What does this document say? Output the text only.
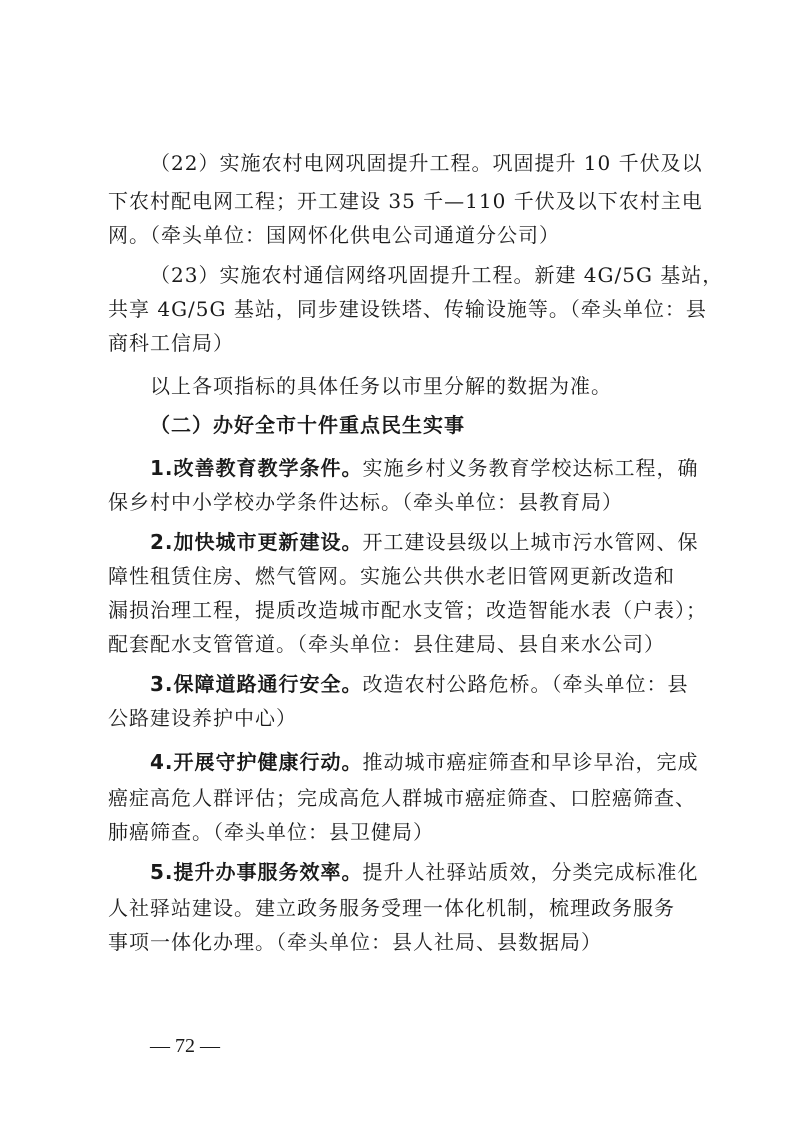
（22）实施农村电网巩固提升工程。巩固提升 10 千伏及以
下农村配电网工程；开工建设 35 千—110 千伏及以下农村主电
网。（牵头单位：国网怀化供电公司通道分公司）
（23）实施农村通信网络巩固提升工程。新建 4G/5G 基站，
共享 4G/5G 基站，同步建设铁塔、传输设施等。（牵头单位：县
商科工信局）
以上各项指标的具体任务以市里分解的数据为准。
（二）办好全市十件重点民生实事
1.改善教育教学条件。实施乡村义务教育学校达标工程，确
保乡村中小学校办学条件达标。（牵头单位：县教育局）
2.加快城市更新建设。开工建设县级以上城市污水管网、保
障性租赁住房、燃气管网。实施公共供水老旧管网更新改造和
漏损治理工程，提质改造城市配水支管；改造智能水表（户表）；
配套配水支管管道。（牵头单位：县住建局、县自来水公司）
3.保障道路通行安全。改造农村公路危桥。（牵头单位：县
公路建设养护中心）
4.开展守护健康行动。推动城市癌症筛查和早诊早治，完成
癌症高危人群评估；完成高危人群城市癌症筛查、口腔癌筛查、
肺癌筛查。（牵头单位：县卫健局）
5.提升办事服务效率。提升人社驿站质效，分类完成标准化
人社驿站建设。建立政务服务受理一体化机制，梳理政务服务
事项一体化办理。（牵头单位：县人社局、县数据局）
— 72 —
